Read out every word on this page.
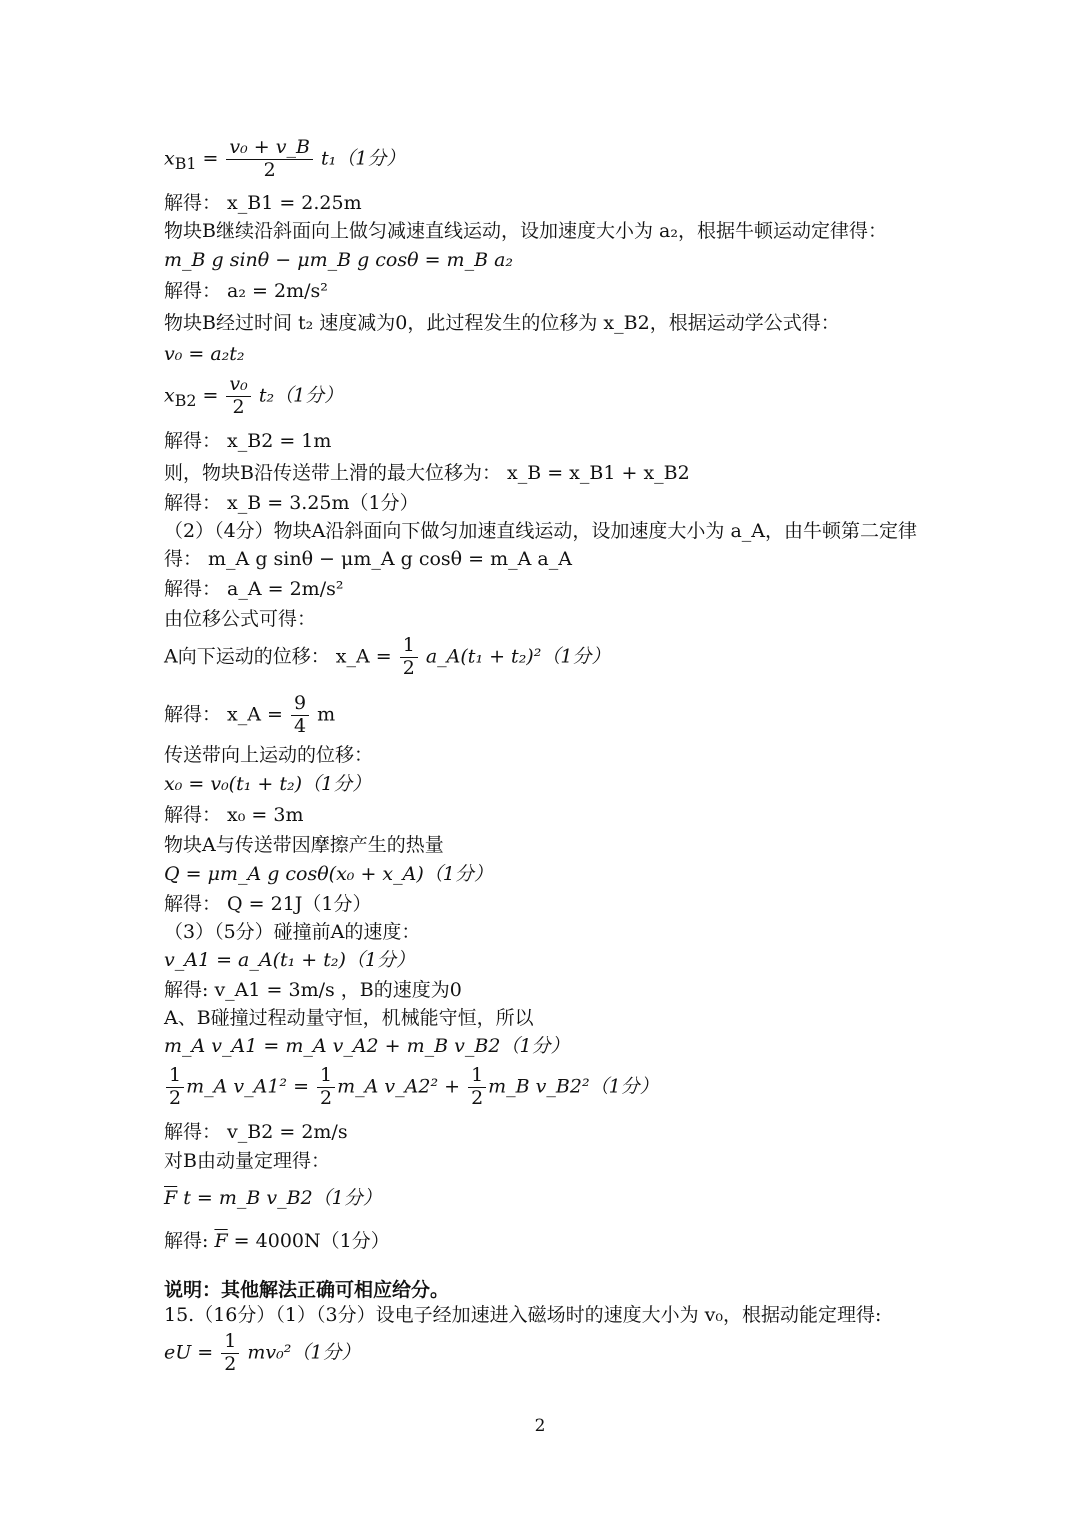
$x_{B1} = \frac{\text{v₀ + v\_B}}{2} t_1(1$分）
解得： x_B1 = 2.25m
物块B继续沿斜面向上做匀减速直线运动，设加速度大小为 a₂，根据牛顿运动定律得：
m_B g sinθ − μm_B g cosθ = m_B a₂
解得： a₂ = 2m/s²
物块B经过时间 t₂ 速度减为0，此过程发生的位移为 x_B2，根据运动学公式得：
v₀ = a₂t₂
$x_{B2} = \frac{\text{v₀}}{2} t_2(1$分）
解得： x_B2 = 1m
则，物块B沿传送带上滑的最大位移为： x_B = x_B1 + x_B2
解得： x_B = 3.25m（1分）
（2）（4分）物块A沿斜面向下做匀加速直线运动，设加速度大小为 a_A，由牛顿第二定律
得： m_A g sinθ − μm_A g cosθ = m_A a_A
解得： a_A = 2m/s²
由位移公式可得：
A向下运动的位移： x_A = $\frac{1}{2}$ a_A(t₁ + t₂)²（1分）
解得： x_A = $\frac{9}{4}$ m
传送带向上运动的位移：
x₀ = v₀(t₁ + t₂)（1分）
解得： x₀ = 3m
物块A与传送带因摩擦产生的热量
Q = μm_A g cosθ(x₀ + x_A)（1分）
解得： Q = 21J（1分）
（3）（5分）碰撞前A的速度：
v_A1 = a_A(t₁ + t₂)（1分）
解得: v_A1 = 3m/s ，B的速度为0
A、B碰撞过程动量守恒，机械能守恒，所以
m_A v_A1 = m_A v_A2 + m_B v_B2（1分）
$\frac{1}{2}$ m_A v_A1² = $\frac{1}{2}$ m_A v_A2² + $\frac{1}{2}$ m_B v_B2²（1分）
解得： v_B2 = 2m/s
对B由动量定理得：
$\overline{F}$ t = m_B v_B2（1分）
解得: $\overline{F} = 4000N(1$分）
说明：其他解法正确可相应给分。
15.（16分）（1）（3分）设电子经加速进入磁场时的速度大小为 v₀，根据动能定理得:
eU = $\frac{1}{2} mv_0^2(1$分）
2
